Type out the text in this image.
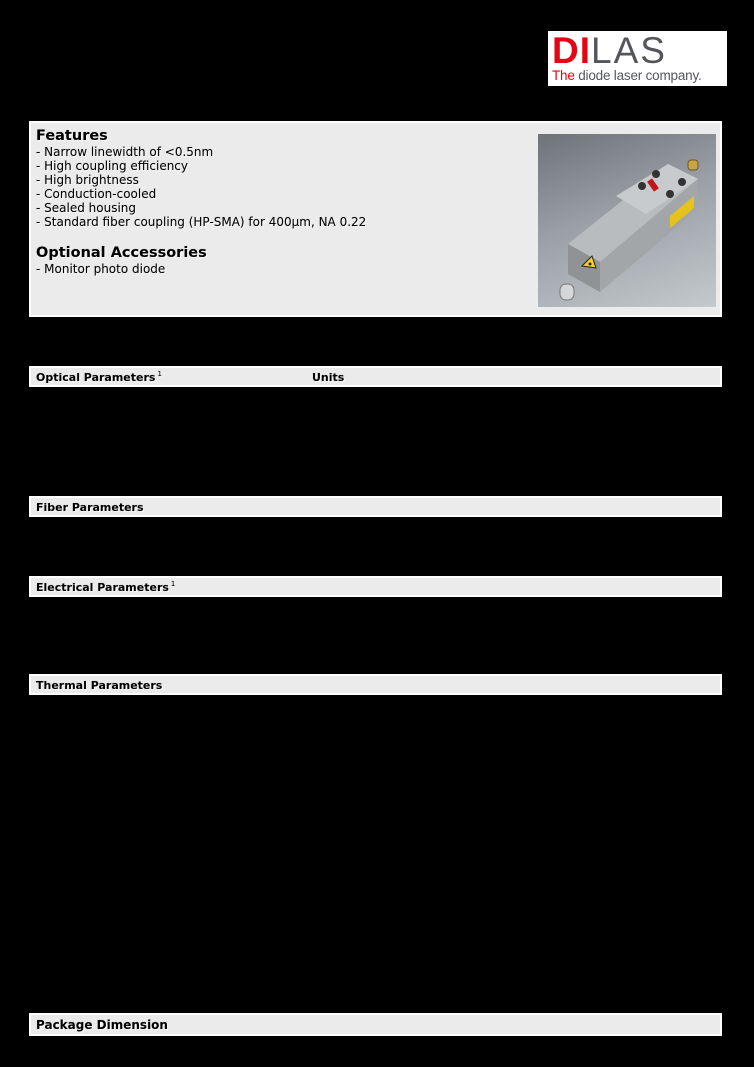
DILAS
The diode laser company.
Features
- Narrow linewidth of <0.5nm
- High coupling efficiency
- High brightness
- Conduction-cooled
- Sealed housing
- Standard fiber coupling (HP-SMA) for 400µm, NA 0.22
Optional Accessories
- Monitor photo diode
Optical Parameters $^1$	Units
Fiber Parameters
Electrical Parameters $^1$
Thermal Parameters
Package Dimension
